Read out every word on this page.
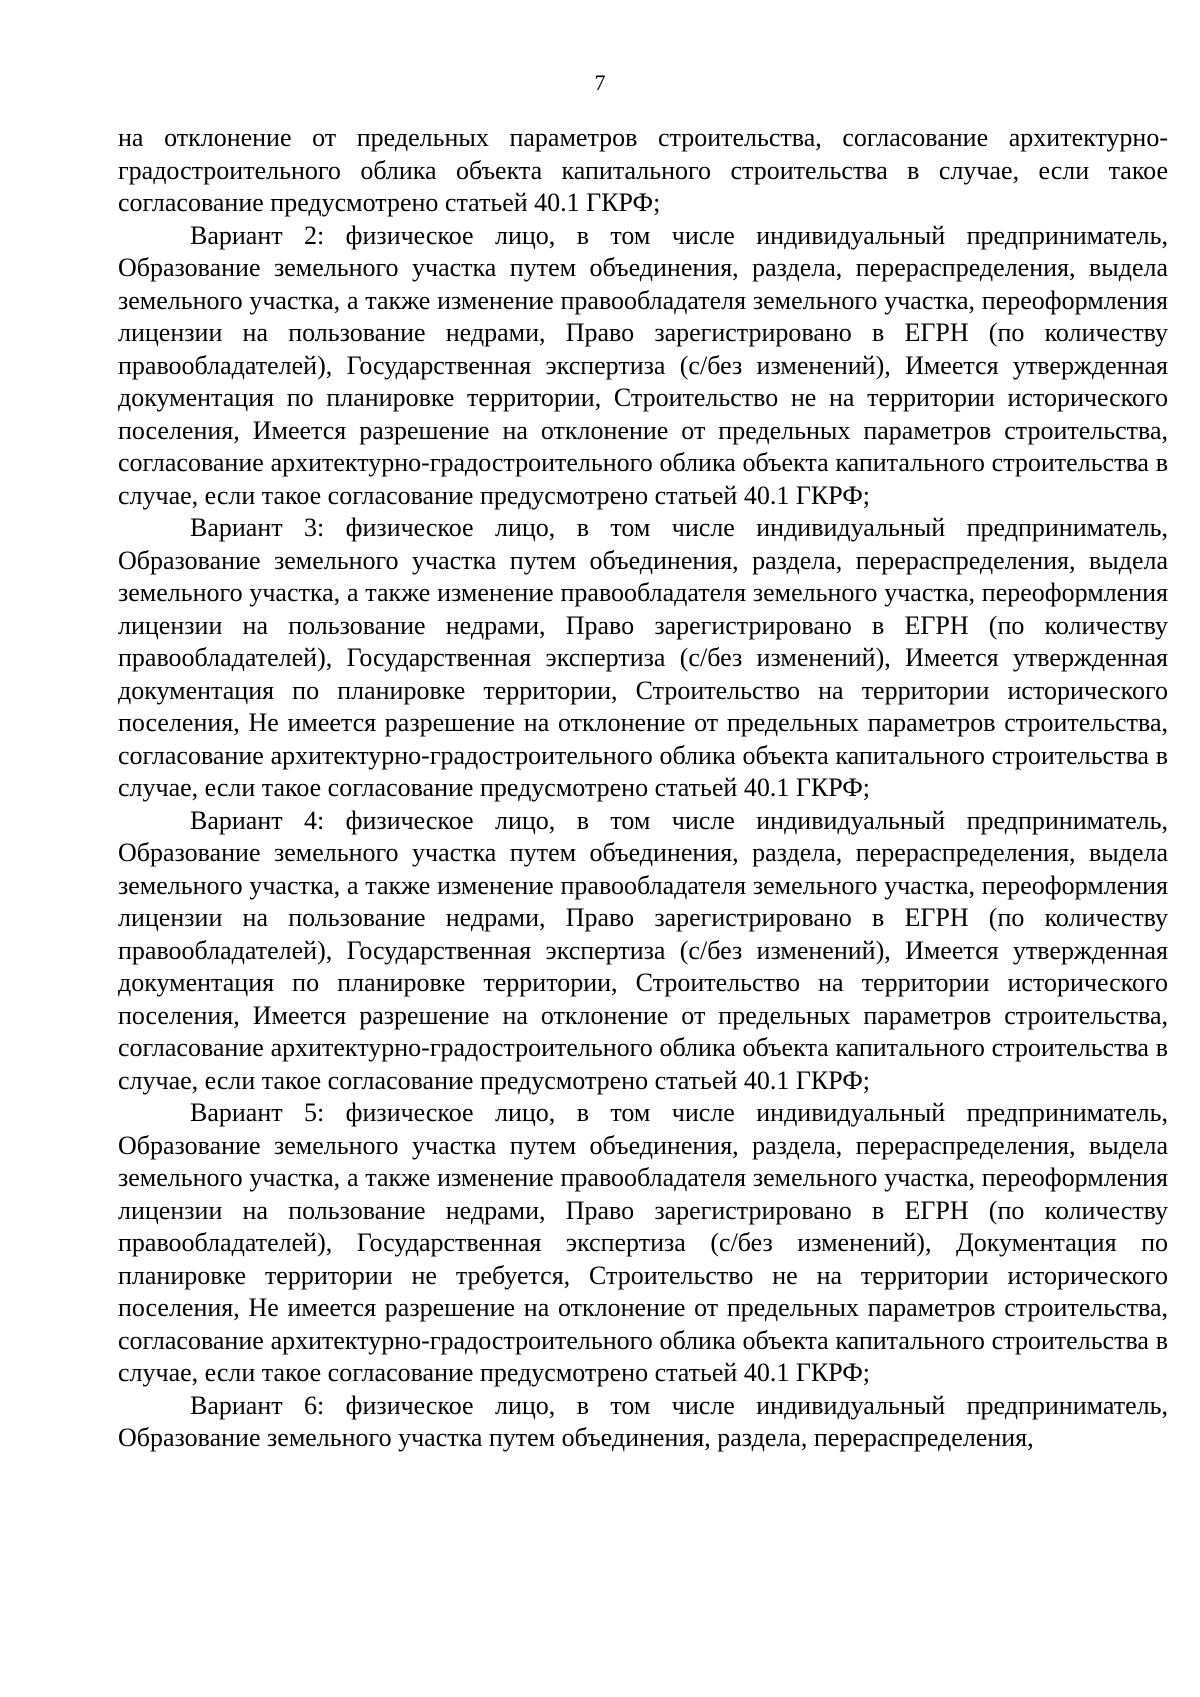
7

на отклонение от предельных параметров строительства, согласование архитектурно-градостроительного облика объекта капитального строительства в случае, если такое согласование предусмотрено статьей 40.1 ГКРФ;

Вариант 2: физическое лицо, в том числе индивидуальный предприниматель, Образование земельного участка путем объединения, раздела, перераспределения, выдела земельного участка, а также изменение правообладателя земельного участка, переоформления лицензии на пользование недрами, Право зарегистрировано в ЕГРН (по количеству правообладателей), Государственная экспертиза (с/без изменений), Имеется утвержденная документация по планировке территории, Строительство не на территории исторического поселения, Имеется разрешение на отклонение от предельных параметров строительства, согласование архитектурно-градостроительного облика объекта капитального строительства в случае, если такое согласование предусмотрено статьей 40.1 ГКРФ;

Вариант 3: физическое лицо, в том числе индивидуальный предприниматель, Образование земельного участка путем объединения, раздела, перераспределения, выдела земельного участка, а также изменение правообладателя земельного участка, переоформления лицензии на пользование недрами, Право зарегистрировано в ЕГРН (по количеству правообладателей), Государственная экспертиза (с/без изменений), Имеется утвержденная документация по планировке территории, Строительство на территории исторического поселения, Не имеется разрешение на отклонение от предельных параметров строительства, согласование архитектурно-градостроительного облика объекта капитального строительства в случае, если такое согласование предусмотрено статьей 40.1 ГКРФ;

Вариант 4: физическое лицо, в том числе индивидуальный предприниматель, Образование земельного участка путем объединения, раздела, перераспределения, выдела земельного участка, а также изменение правообладателя земельного участка, переоформления лицензии на пользование недрами, Право зарегистрировано в ЕГРН (по количеству правообладателей), Государственная экспертиза (с/без изменений), Имеется утвержденная документация по планировке территории, Строительство на территории исторического поселения, Имеется разрешение на отклонение от предельных параметров строительства, согласование архитектурно-градостроительного облика объекта капитального строительства в случае, если такое согласование предусмотрено статьей 40.1 ГКРФ;

Вариант 5: физическое лицо, в том числе индивидуальный предприниматель, Образование земельного участка путем объединения, раздела, перераспределения, выдела земельного участка, а также изменение правообладателя земельного участка, переоформления лицензии на пользование недрами, Право зарегистрировано в ЕГРН (по количеству правообладателей), Государственная экспертиза (с/без изменений), Документация по планировке территории не требуется, Строительство не на территории исторического поселения, Не имеется разрешение на отклонение от предельных параметров строительства, согласование архитектурно-градостроительного облика объекта капитального строительства в случае, если такое согласование предусмотрено статьей 40.1 ГКРФ;

Вариант 6: физическое лицо, в том числе индивидуальный предприниматель, Образование земельного участка путем объединения, раздела, перераспределения,
